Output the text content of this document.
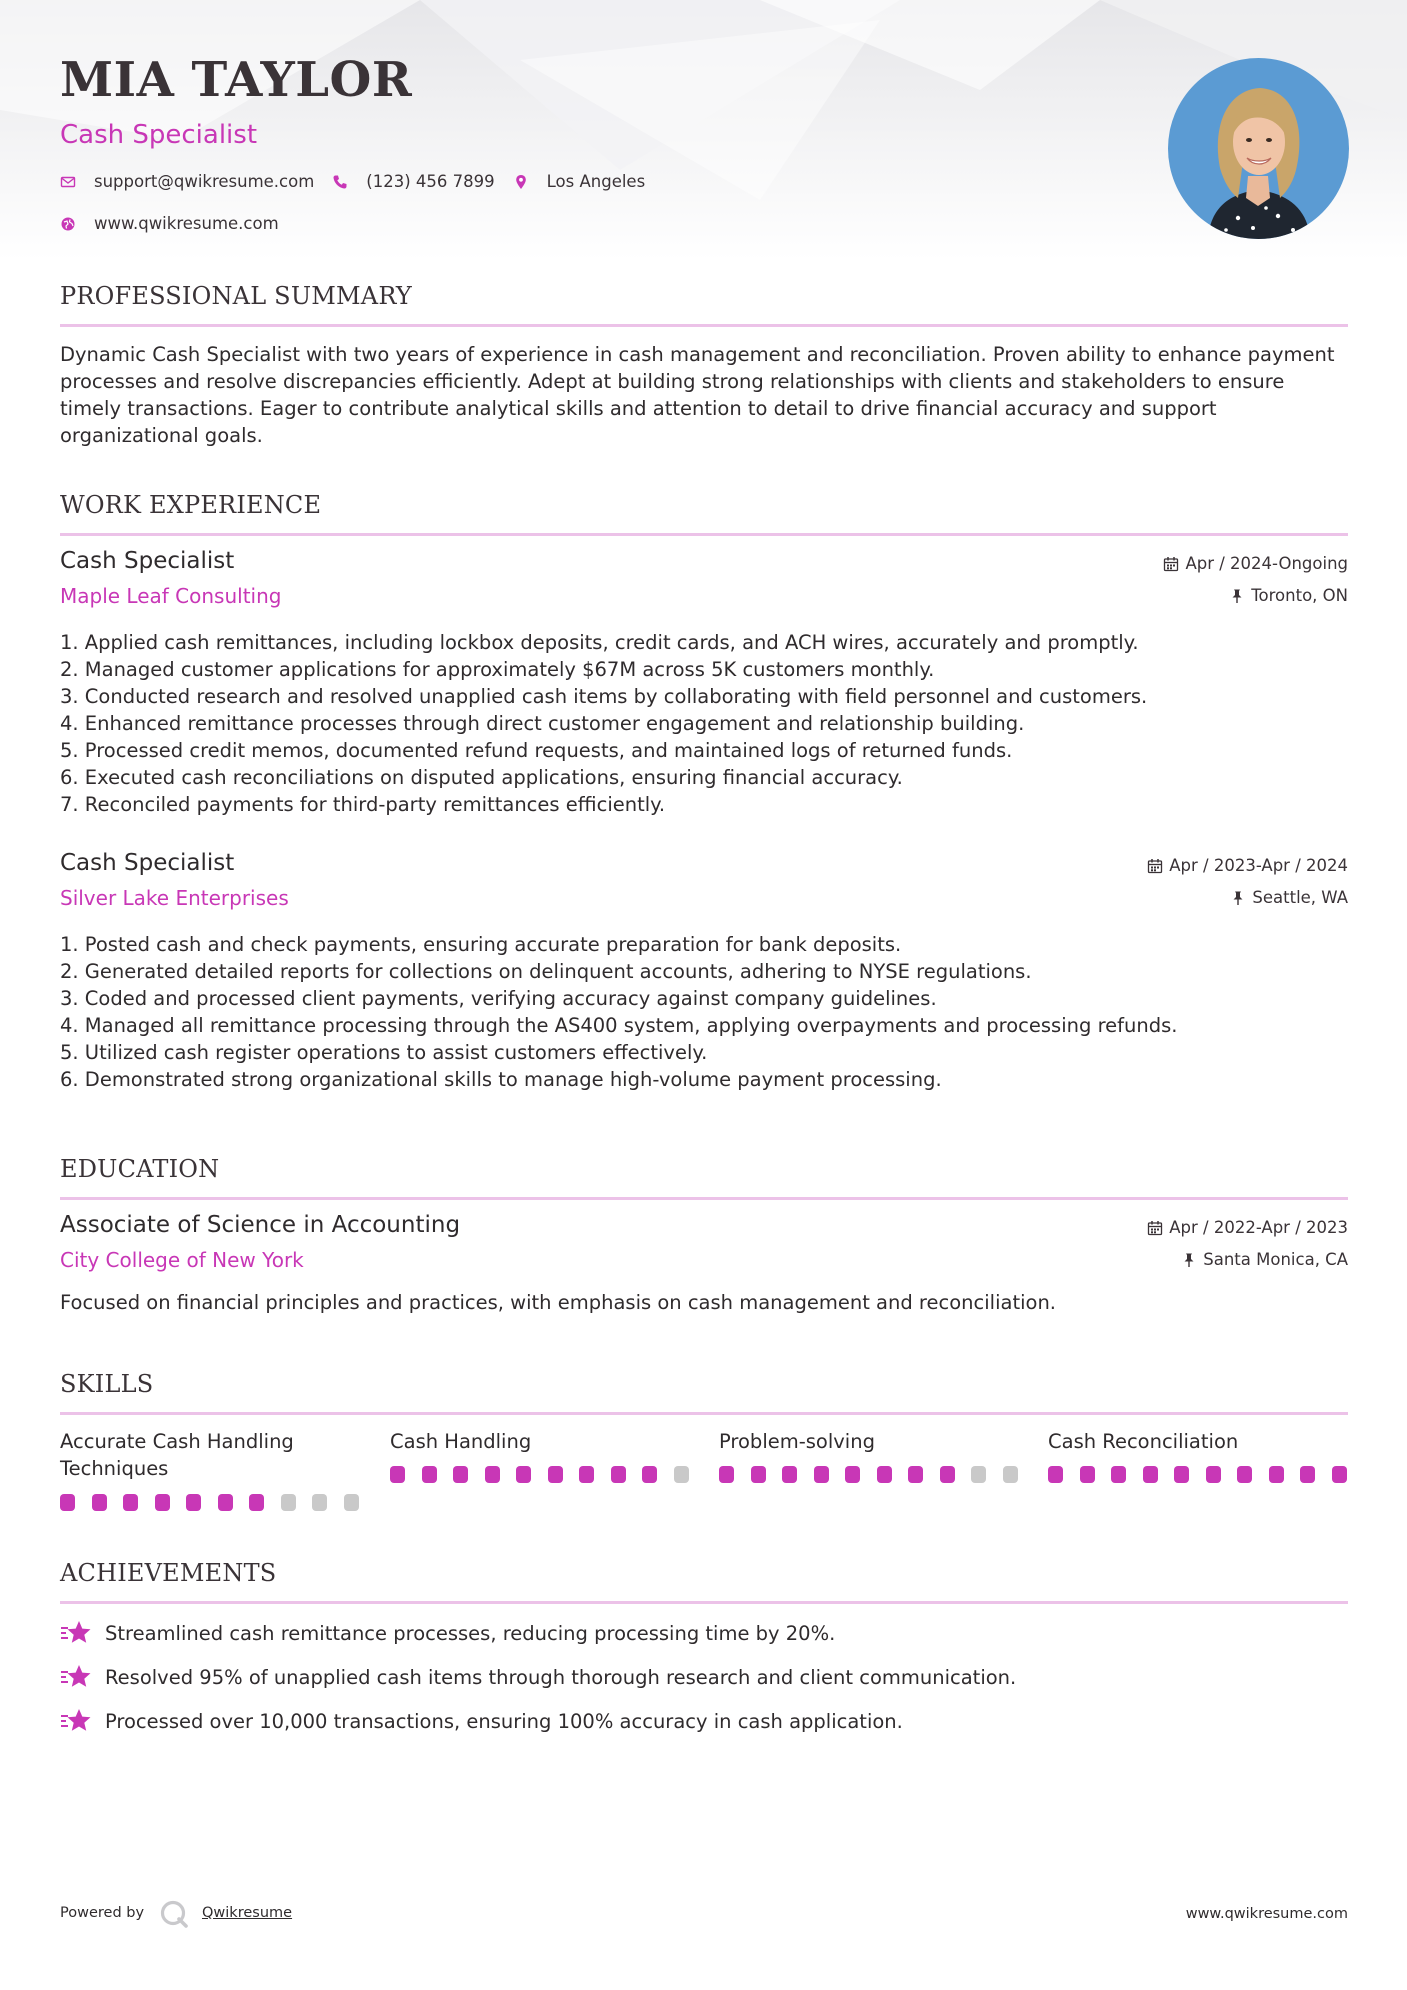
MIA TAYLOR
Cash Specialist
support@qwikresume.com	(123) 456 7899	Los Angeles
www.qwikresume.com
PROFESSIONAL SUMMARY
Dynamic Cash Specialist with two years of experience in cash management and reconciliation. Proven ability to enhance payment processes and resolve discrepancies efficiently. Adept at building strong relationships with clients and stakeholders to ensure timely transactions. Eager to contribute analytical skills and attention to detail to drive financial accuracy and support organizational goals.
WORK EXPERIENCE
Cash Specialist
Maple Leaf Consulting
Apr / 2024-Ongoing
Toronto, ON
1. Applied cash remittances, including lockbox deposits, credit cards, and ACH wires, accurately and promptly.
2. Managed customer applications for approximately $67M across 5K customers monthly.
3. Conducted research and resolved unapplied cash items by collaborating with field personnel and customers.
4. Enhanced remittance processes through direct customer engagement and relationship building.
5. Processed credit memos, documented refund requests, and maintained logs of returned funds.
6. Executed cash reconciliations on disputed applications, ensuring financial accuracy.
7. Reconciled payments for third-party remittances efficiently.
Cash Specialist
Silver Lake Enterprises
Apr / 2023-Apr / 2024
Seattle, WA
1. Posted cash and check payments, ensuring accurate preparation for bank deposits.
2. Generated detailed reports for collections on delinquent accounts, adhering to NYSE regulations.
3. Coded and processed client payments, verifying accuracy against company guidelines.
4. Managed all remittance processing through the AS400 system, applying overpayments and processing refunds.
5. Utilized cash register operations to assist customers effectively.
6. Demonstrated strong organizational skills to manage high-volume payment processing.
EDUCATION
Associate of Science in Accounting
City College of New York
Apr / 2022-Apr / 2023
Santa Monica, CA
Focused on financial principles and practices, with emphasis on cash management and reconciliation.
SKILLS
Accurate Cash Handling
Techniques
Cash Handling	Problem-solving	Cash Reconciliation
ACHIEVEMENTS
Streamlined cash remittance processes, reducing processing time by 20%.
Resolved 95% of unapplied cash items through thorough research and client communication.
Processed over 10,000 transactions, ensuring 100% accuracy in cash application.
Powered by	Qwikresume	www.qwikresume.com
